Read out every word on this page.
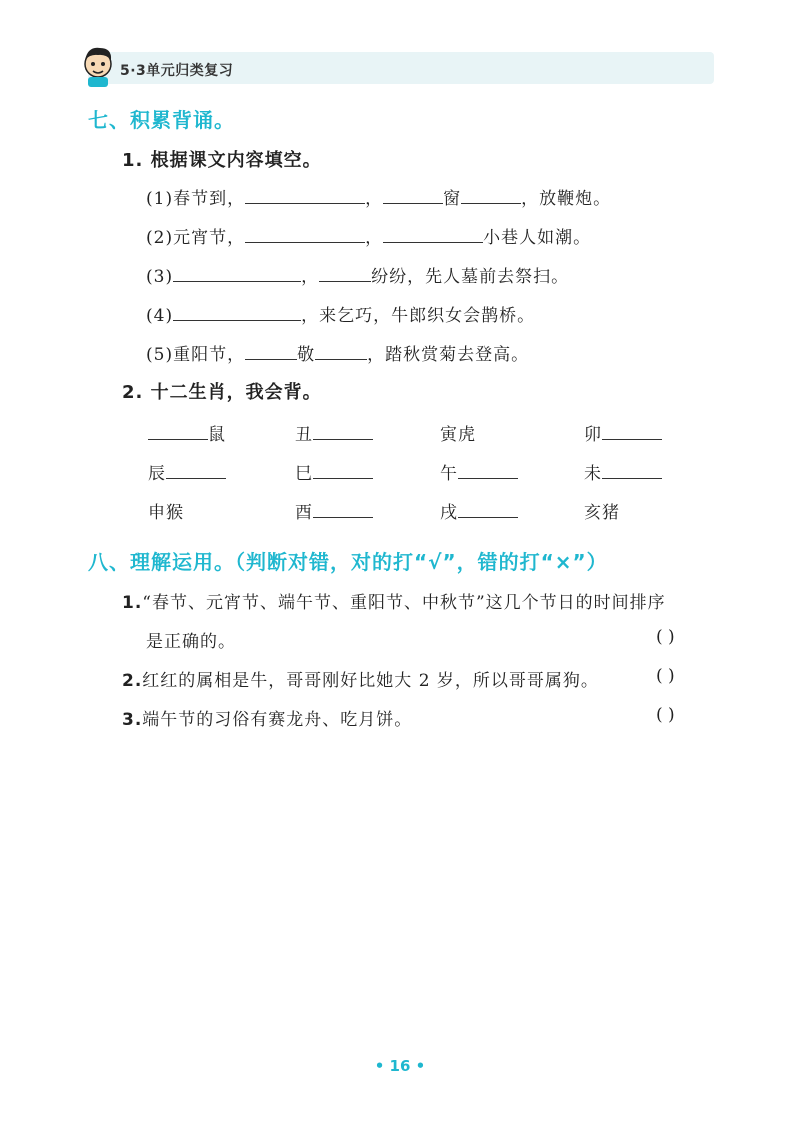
5·3单元归类复习
七、积累背诵。
1. 根据课文内容填空。
(1)春节到，	，	窗	，放鞭炮。
(2)元宵节，	，	小巷人如潮。
(3)	，	纷纷，先人墓前去祭扫。
(4)	，来乞巧，牛郎织女会鹊桥。
(5)重阳节，	敬	，踏秋赏菊去登高。
2. 十二生肖，我会背。
鼠	丑	寅虎	卯
辰	巳	午	未
申猴	酉	戌	亥猪
八、理解运用。（判断对错，对的打“√”，错的打“×”）
1.“春节、元宵节、端午节、重阳节、中秋节”这几个节日的时间排序
是正确的。	( )
2.红红的属相是牛，哥哥刚好比她大 2 岁，所以哥哥属狗。	( )
3.端午节的习俗有赛龙舟、吃月饼。	( )
• 16 •
